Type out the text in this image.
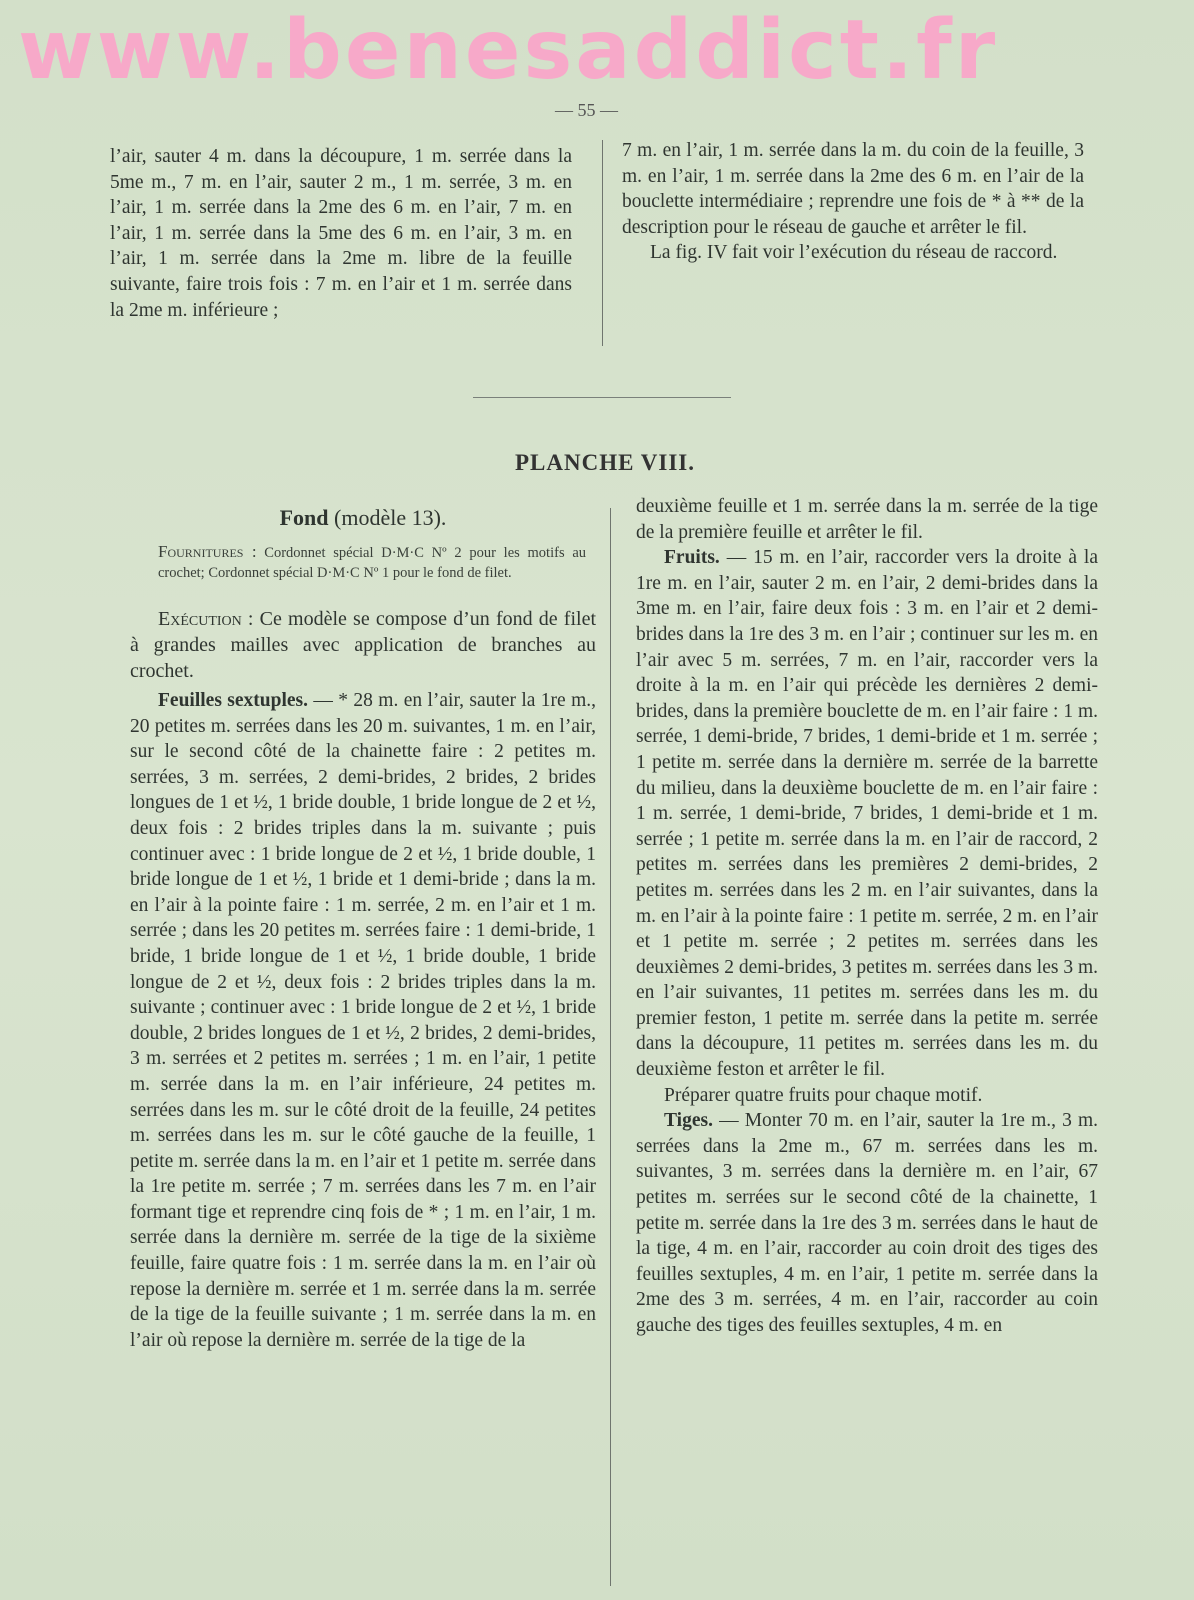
www.benesaddict.fr
— 55 —

l’air, sauter 4 m. dans la découpure, 1 m. serrée dans la 5me m., 7 m. en l’air, sauter 2 m., 1 m. serrée, 3 m. en l’air, 1 m. serrée dans la 2me des 6 m. en l’air, 7 m. en l’air, 1 m. serrée dans la 5me des 6 m. en l’air, 3 m. en l’air, 1 m. serrée dans la 2me m. libre de la feuille suivante, faire trois fois : 7 m. en l’air et 1 m. serrée dans la 2me m. inférieure ;

7 m. en l’air, 1 m. serrée dans la m. du coin de la feuille, 3 m. en l’air, 1 m. serrée dans la 2me des 6 m. en l’air de la bouclette intermédiaire ; reprendre une fois de * à ** de la description pour le réseau de gauche et arrêter le fil.

La fig. IV fait voir l’exécution du réseau de raccord.

PLANCHE VIII.
Fond (modèle 13).
Fournitures : Cordonnet spécial D·M·C Nº 2 pour les motifs au crochet; Cordonnet spécial D·M·C Nº 1 pour le fond de filet.
Exécution : Ce modèle se compose d’un fond de filet à grandes mailles avec application de branches au crochet.

Feuilles sextuples. — * 28 m. en l’air, sauter la 1re m., 20 petites m. serrées dans les 20 m. suivantes, 1 m. en l’air, sur le second côté de la chainette faire : 2 petites m. serrées, 3 m. serrées, 2 demi-brides, 2 brides, 2 brides longues de 1 et ½, 1 bride double, 1 bride longue de 2 et ½, deux fois : 2 brides triples dans la m. suivante ; puis continuer avec : 1 bride longue de 2 et ½, 1 bride double, 1 bride longue de 1 et ½, 1 bride et 1 demi-bride ; dans la m. en l’air à la pointe faire : 1 m. serrée, 2 m. en l’air et 1 m. serrée ; dans les 20 petites m. serrées faire : 1 demi-bride, 1 bride, 1 bride longue de 1 et ½, 1 bride double, 1 bride longue de 2 et ½, deux fois : 2 brides triples dans la m. suivante ; continuer avec : 1 bride longue de 2 et ½, 1 bride double, 2 brides longues de 1 et ½, 2 brides, 2 demi-brides, 3 m. serrées et 2 petites m. serrées ; 1 m. en l’air, 1 petite m. serrée dans la m. en l’air inférieure, 24 petites m. serrées dans les m. sur le côté droit de la feuille, 24 petites m. serrées dans les m. sur le côté gauche de la feuille, 1 petite m. serrée dans la m. en l’air et 1 petite m. serrée dans la 1re petite m. serrée ; 7 m. serrées dans les 7 m. en l’air formant tige et reprendre cinq fois de * ; 1 m. en l’air, 1 m. serrée dans la dernière m. serrée de la tige de la sixième feuille, faire quatre fois : 1 m. serrée dans la m. en l’air où repose la dernière m. serrée et 1 m. serrée dans la m. serrée de la tige de la feuille suivante ; 1 m. serrée dans la m. en l’air où repose la dernière m. serrée de la tige de la

deuxième feuille et 1 m. serrée dans la m. serrée de la tige de la première feuille et arrêter le fil.

Fruits. — 15 m. en l’air, raccorder vers la droite à la 1re m. en l’air, sauter 2 m. en l’air, 2 demi-brides dans la 3me m. en l’air, faire deux fois : 3 m. en l’air et 2 demi-brides dans la 1re des 3 m. en l’air ; continuer sur les m. en l’air avec 5 m. serrées, 7 m. en l’air, raccorder vers la droite à la m. en l’air qui précède les dernières 2 demi-brides, dans la première bouclette de m. en l’air faire : 1 m. serrée, 1 demi-bride, 7 brides, 1 demi-bride et 1 m. serrée ; 1 petite m. serrée dans la dernière m. serrée de la barrette du milieu, dans la deuxième bouclette de m. en l’air faire : 1 m. serrée, 1 demi-bride, 7 brides, 1 demi-bride et 1 m. serrée ; 1 petite m. serrée dans la m. en l’air de raccord, 2 petites m. serrées dans les premières 2 demi-brides, 2 petites m. serrées dans les 2 m. en l’air suivantes, dans la m. en l’air à la pointe faire : 1 petite m. serrée, 2 m. en l’air et 1 petite m. serrée ; 2 petites m. serrées dans les deuxièmes 2 demi-brides, 3 petites m. serrées dans les 3 m. en l’air suivantes, 11 petites m. serrées dans les m. du premier feston, 1 petite m. serrée dans la petite m. serrée dans la découpure, 11 petites m. serrées dans les m. du deuxième feston et arrêter le fil.

Préparer quatre fruits pour chaque motif.

Tiges. — Monter 70 m. en l’air, sauter la 1re m., 3 m. serrées dans la 2me m., 67 m. serrées dans les m. suivantes, 3 m. serrées dans la dernière m. en l’air, 67 petites m. serrées sur le second côté de la chainette, 1 petite m. serrée dans la 1re des 3 m. serrées dans le haut de la tige, 4 m. en l’air, raccorder au coin droit des tiges des feuilles sextuples, 4 m. en l’air, 1 petite m. serrée dans la 2me des 3 m. serrées, 4 m. en l’air, raccorder au coin gauche des tiges des feuilles sextuples, 4 m. en
